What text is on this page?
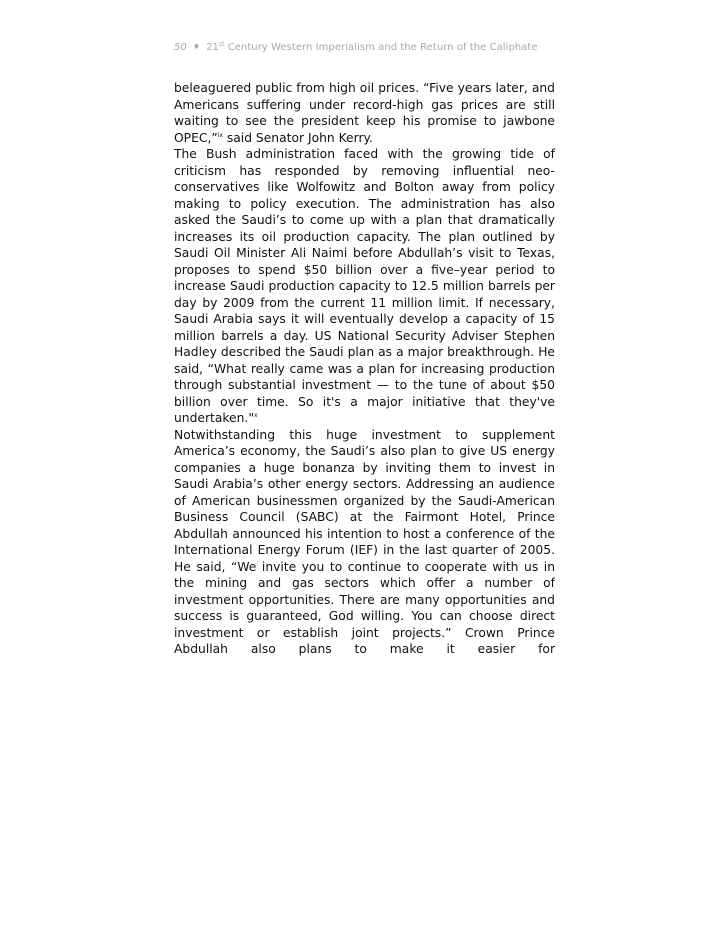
50 ♦ 21st Century Western Imperialism and the Return of the Caliphate

beleaguered public from high oil prices. “Five years later, and Americans suffering under record-high gas prices are still waiting to see the president keep his promise to jawbone OPEC,”$^{ix}$ said Senator John Kerry.

The Bush administration faced with the growing tide of criticism has responded by removing influential neo-conservatives like Wolfowitz and Bolton away from policy making to policy execution. The administration has also asked the Saudi’s to come up with a plan that dramatically increases its oil production capacity. The plan outlined by Saudi Oil Minister Ali Naimi before Abdullah’s visit to Texas, proposes to spend $50 billion over a five–year period to increase Saudi production capacity to 12.5 million barrels per day by 2009 from the current 11 million limit. If necessary, Saudi Arabia says it will eventually develop a capacity of 15 million barrels a day. US National Security Adviser Stephen Hadley described the Saudi plan as a major breakthrough. He said, “What really came was a plan for increasing production through substantial investment — to the tune of about $50 billion over time. So it's a major initiative that they've undertaken."$^x$

Notwithstanding this huge investment to supplement America’s economy, the Saudi’s also plan to give US energy companies a huge bonanza by inviting them to invest in Saudi Arabia’s other energy sectors. Addressing an audience of American businessmen organized by the Saudi-American Business Council (SABC) at the Fairmont Hotel, Prince Abdullah announced his intention to host a conference of the International Energy Forum (IEF) in the last quarter of 2005. He said, “We invite you to continue to cooperate with us in the mining and gas sectors which offer a number of investment opportunities. There are many opportunities and success is guaranteed, God willing. You can choose direct investment or establish joint projects.” Crown Prince Abdullah also plans to make it easier for
